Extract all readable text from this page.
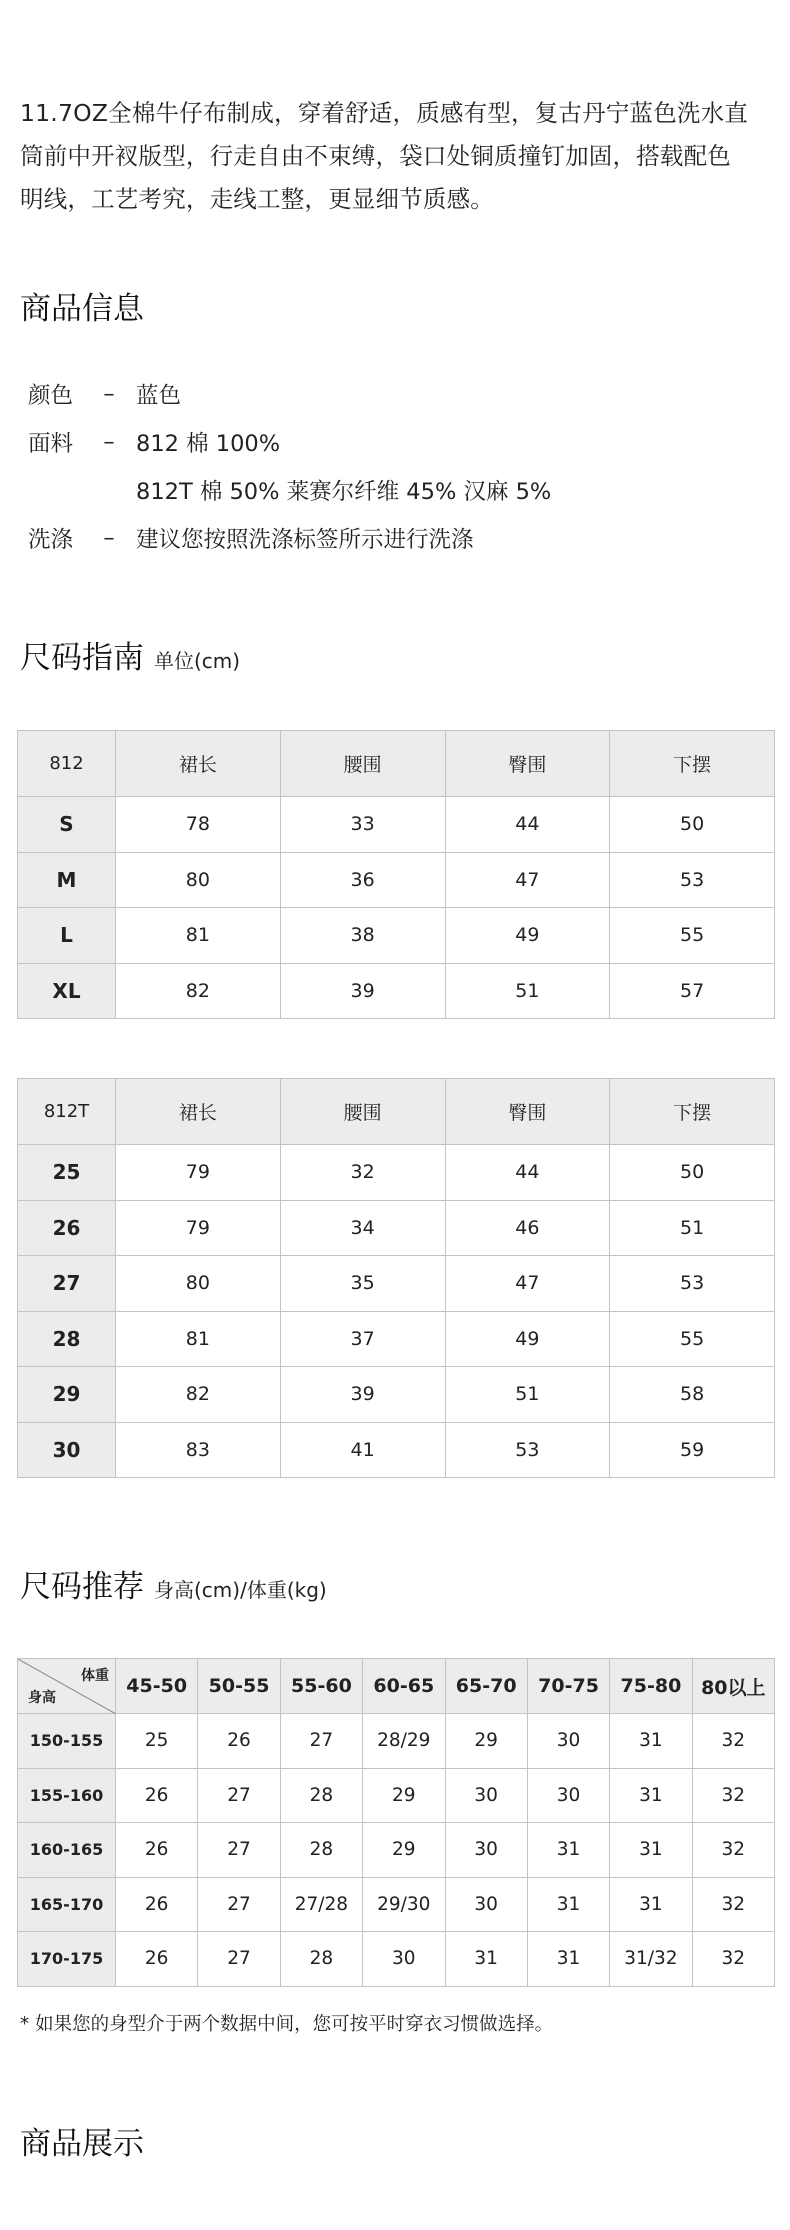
11.7OZ全棉牛仔布制成，穿着舒适，质感有型，复古丹宁蓝色洗水直

筒前中开衩版型，行走自由不束缚，袋口处铜质撞钉加固，搭载配色

明线，工艺考究，走线工整，更显细节质感。

商品信息
颜色	– 蓝色
面料	– 812 棉 100%
812T 棉 50% 莱赛尔纤维 45% 汉麻 5%
洗涤	– 建议您按照洗涤标签所示进行洗涤
尺码指南 单位(cm)
812	裙长	腰围	臀围	下摆
S	78	33	44	50
M	80	36	47	53
L	81	38	49	55
XL	82	39	51	57
812T	裙长	腰围	臀围	下摆
25	79	32	44	50
26	79	34	46	51
27	80	35	47	53
28	81	37	49	55
29	82	39	51	58
30	83	41	53	59
尺码推荐 身高(cm)/体重(kg)
体重
身高	45-50	50-55	55-60	60-65	65-70	70-75	75-80	80以上
150-155	25	26	27	28/29	29	30	31	32
155-160	26	27	28	29	30	30	31	32
160-165	26	27	28	29	30	31	31	32
165-170	26	27	27/28	29/30	30	31	31	32
170-175	26	27	28	30	31	31	31/32	32

* 如果您的身型介于两个数据中间，您可按平时穿衣习惯做选择。

商品展示
